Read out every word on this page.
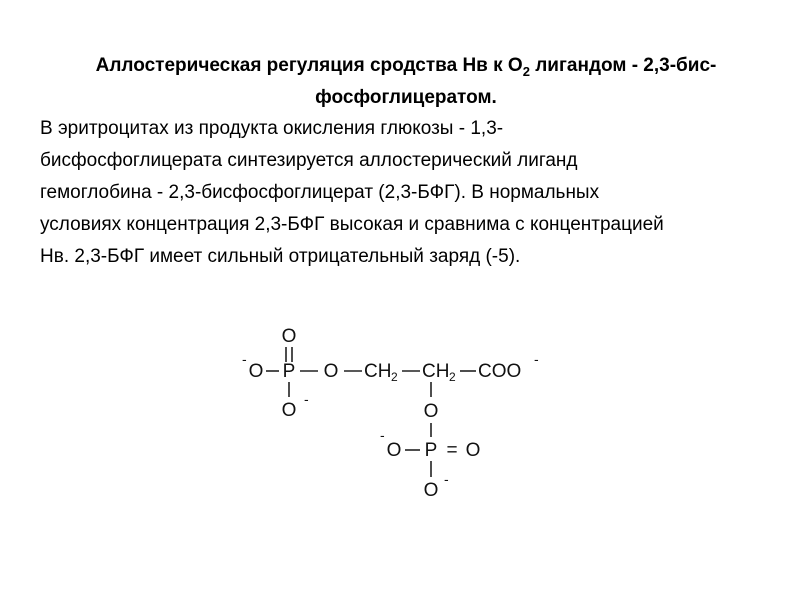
Аллостерическая регуляция сродства Нв к $О_2$ лигандом - 2,3-бис-
фосфоглицератом.

В эритроцитах из продукта окисления глюкозы - 1,3-
бисфосфоглицерата синтезируется аллостерический лиганд
гемоглобина - 2,3-бисфосфоглицерат (2,3-БФГ). В нормальных
условиях концентрация 2,3-БФГ высокая и сравнима с концентрацией
Нв. 2,3-БФГ имеет сильный отрицательный заряд (-5).

O
-
O P O CH 2 CH 2 COO
-
O
-
O
-
O P = O
O
-
